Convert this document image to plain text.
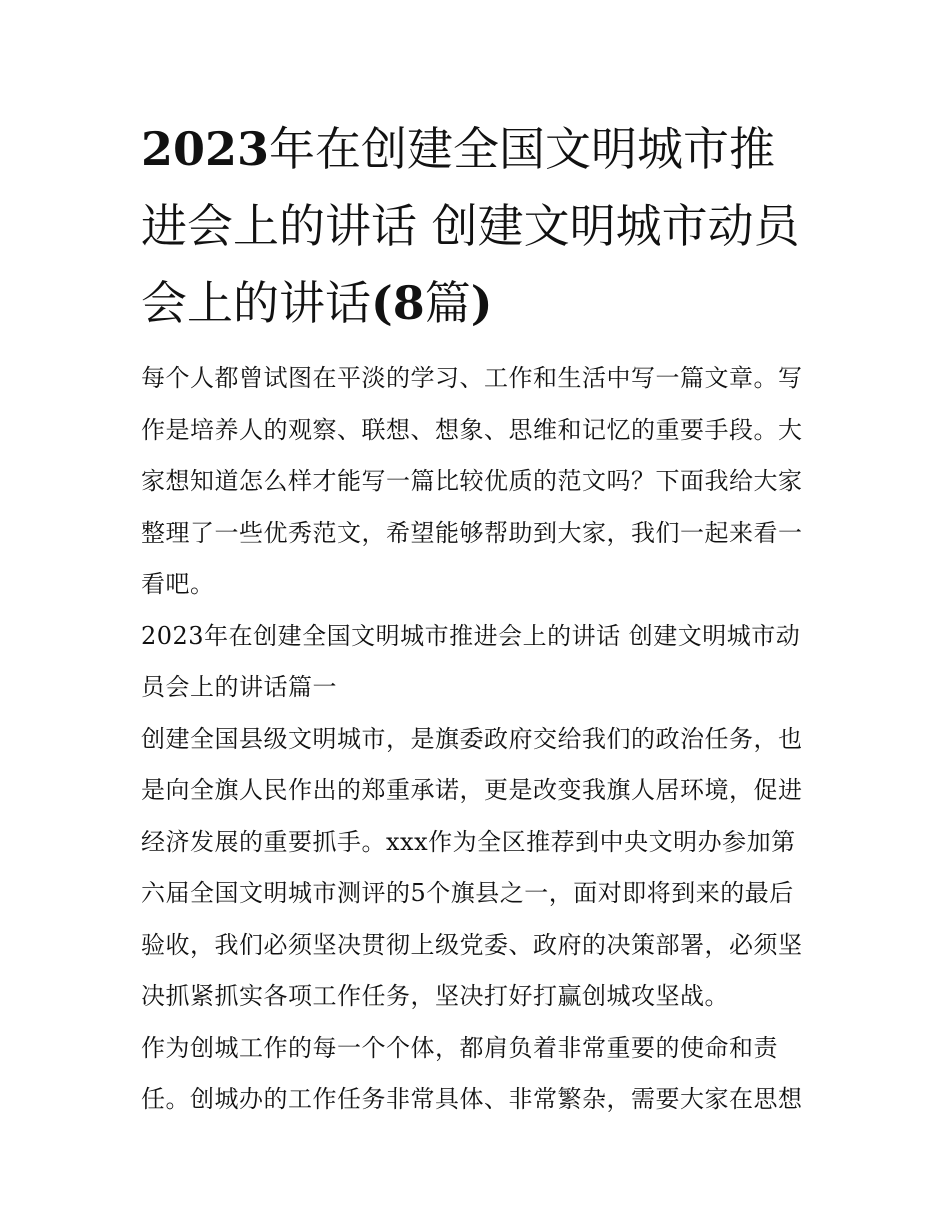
2023年在创建全国文明城市推进会上的讲话 创建文明城市动员会上的讲话(8篇)

每个人都曾试图在平淡的学习、工作和生活中写一篇文章。写作是培养人的观察、联想、想象、思维和记忆的重要手段。大家想知道怎么样才能写一篇比较优质的范文吗？下面我给大家整理了一些优秀范文，希望能够帮助到大家，我们一起来看一看吧。

2023年在创建全国文明城市推进会上的讲话 创建文明城市动员会上的讲话篇一

创建全国县级文明城市，是旗委政府交给我们的政治任务，也是向全旗人民作出的郑重承诺，更是改变我旗人居环境，促进经济发展的重要抓手。xxx作为全区推荐到中央文明办参加第六届全国文明城市测评的5个旗县之一，面对即将到来的最后验收，我们必须坚决贯彻上级党委、政府的决策部署，必须坚决抓紧抓实各项工作任务，坚决打好打赢创城攻坚战。

作为创城工作的每一个个体，都肩负着非常重要的使命和责任。创城办的工作任务非常具体、非常繁杂，需要大家在思想
